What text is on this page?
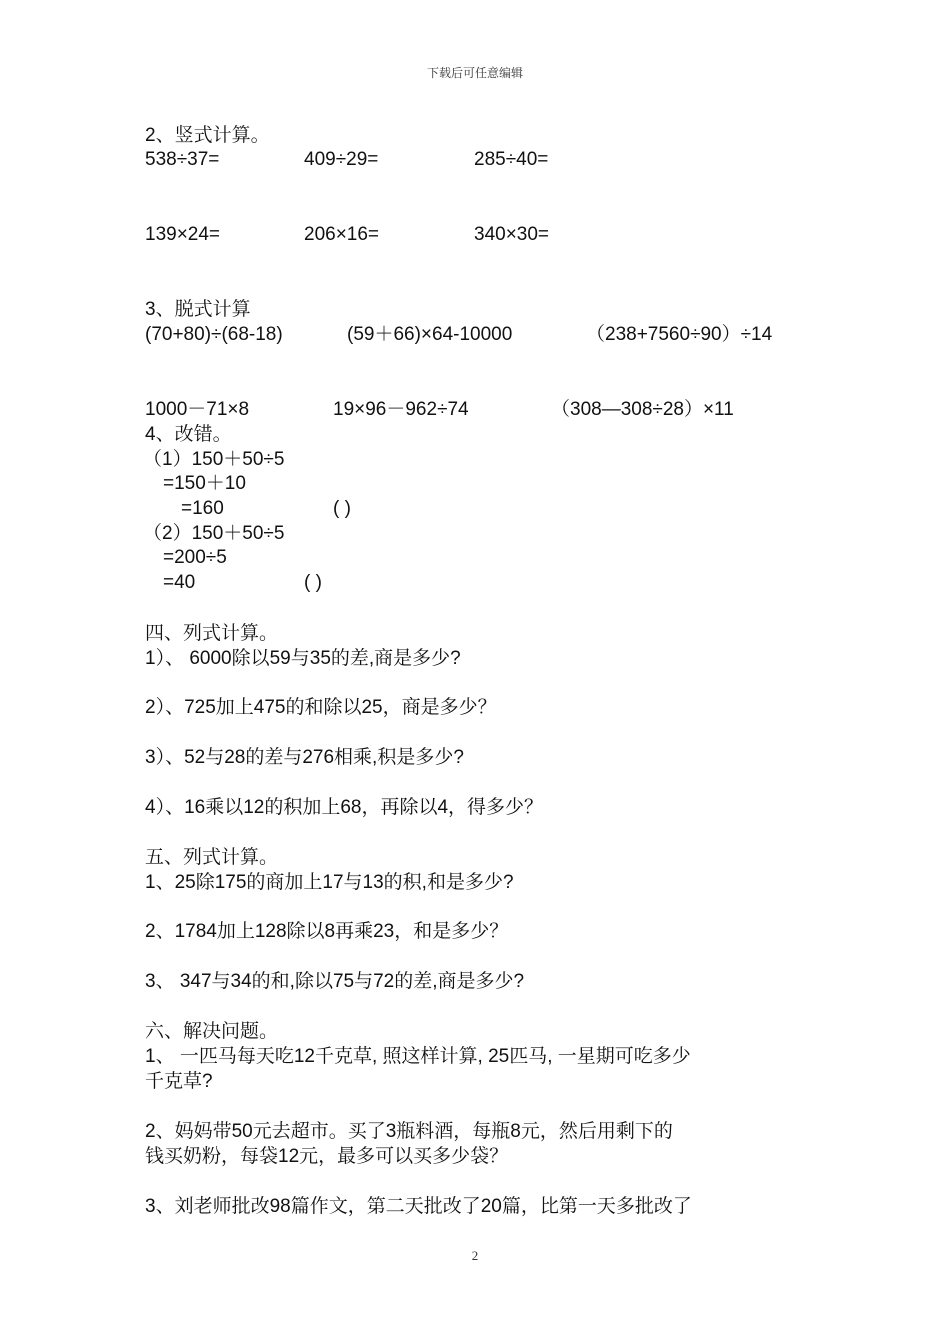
下载后可任意编辑
2、竖式计算。
538÷37=	409÷29=	285÷40=
139×24=	206×16=	340×30=
3、脱式计算
(70+80)÷(68-18)	(59＋66)×64-10000	（238+7560÷90）÷14
1000－71×8	19×96－962÷74	（308—308÷28）×11
4、改错。
（1）150＋50÷5
=150＋10
=160	( )
（2）150＋50÷5
=200÷5
=40	( )
四、列式计算。
1）、 6000除以59与35的差,商是多少?
2）、725加上475的和除以25，商是多少？
3）、52与28的差与276相乘,积是多少?
4）、16乘以12的积加上68，再除以4，得多少？
五、列式计算。
1、25除175的商加上17与13的积,和是多少?
2、1784加上128除以8再乘23，和是多少？
3、 347与34的和,除以75与72的差,商是多少?
六、解决问题。
1、 一匹马每天吃12千克草, 照这样计算, 25匹马, 一星期可吃多少
千克草?
2、妈妈带50元去超市。买了3瓶料酒，每瓶8元，然后用剩下的
钱买奶粉，每袋12元，最多可以买多少袋？
3、刘老师批改98篇作文，第二天批改了20篇，比第一天多批改了
2
